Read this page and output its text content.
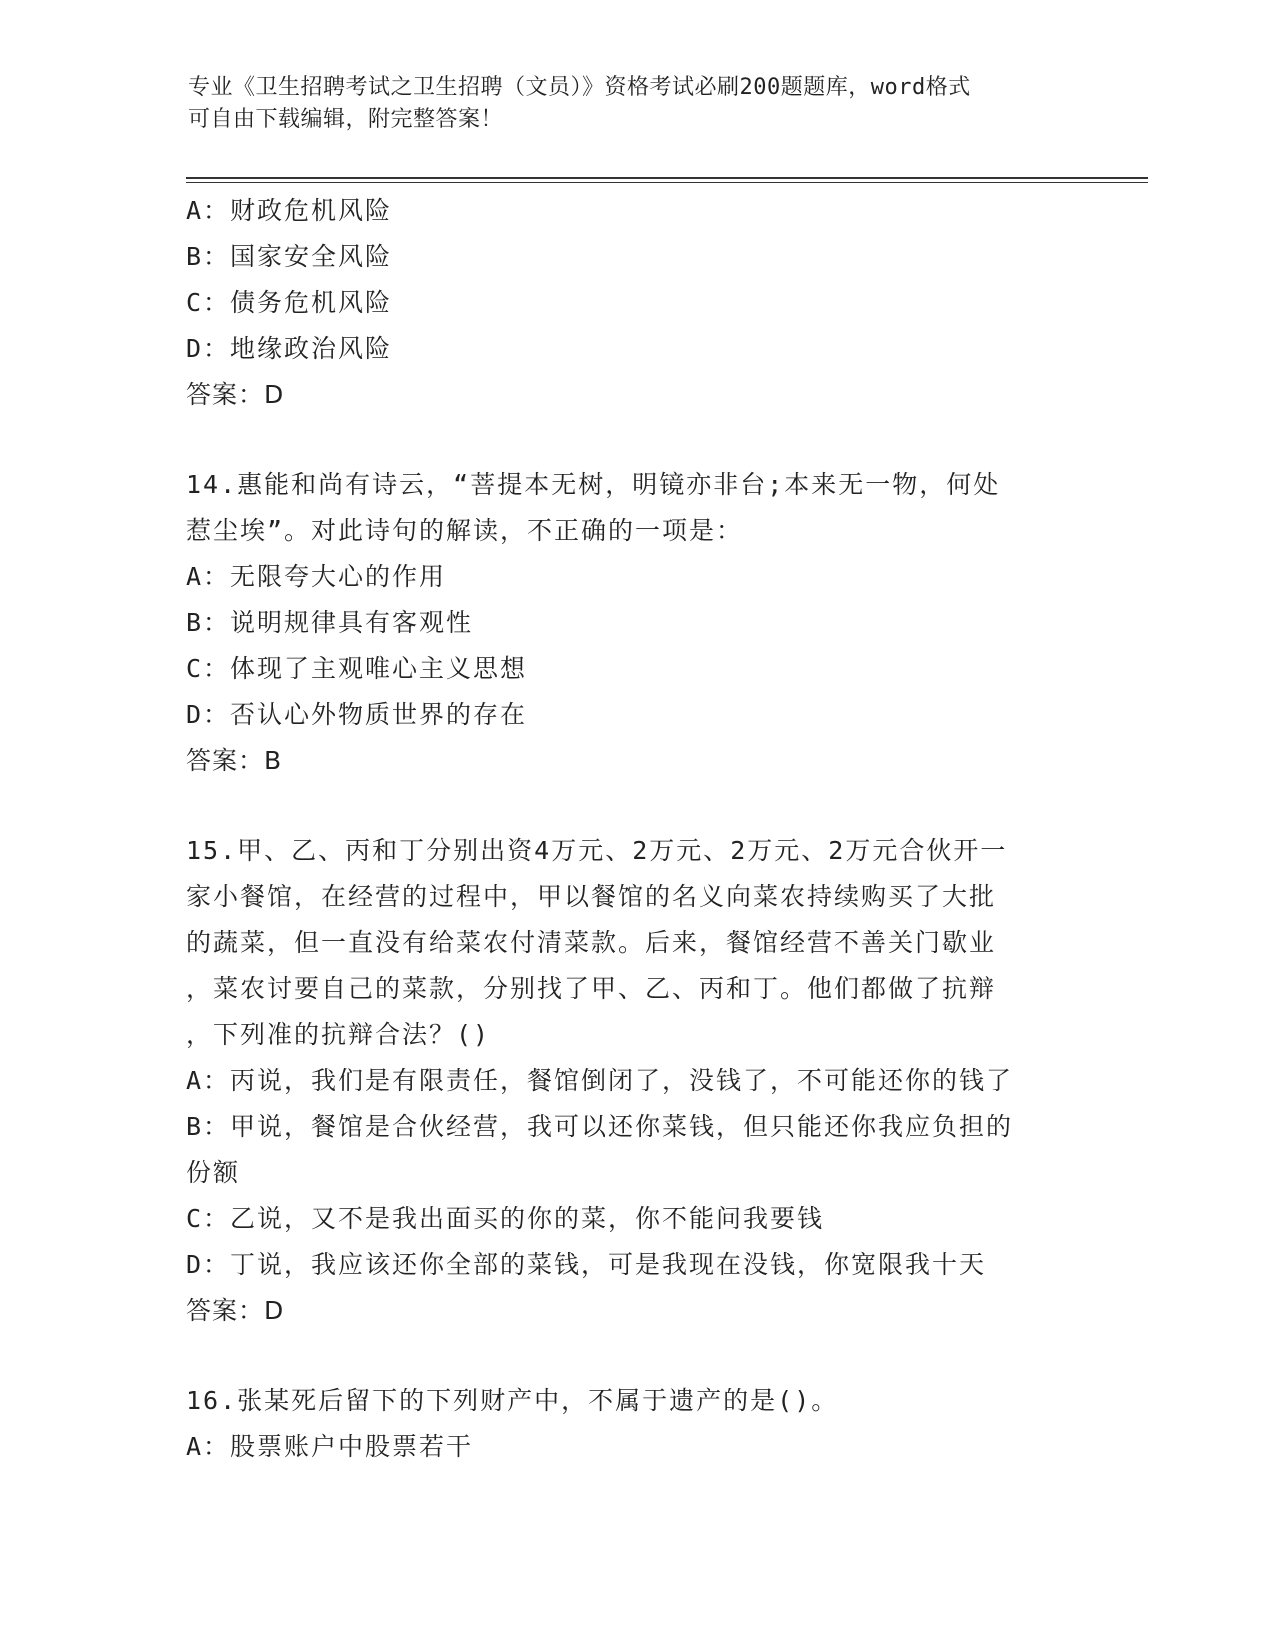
专业《卫生招聘考试之卫生招聘（文员）》资格考试必刷200题题库，word格式
可自由下载编辑，附完整答案！
A：财政危机风险
B：国家安全风险
C：债务危机风险
D：地缘政治风险
答案：D
14.惠能和尚有诗云，“菩提本无树，明镜亦非台;本来无一物，何处
惹尘埃”。对此诗句的解读，不正确的一项是：
A：无限夸大心的作用
B：说明规律具有客观性
C：体现了主观唯心主义思想
D：否认心外物质世界的存在
答案：B
15.甲、乙、丙和丁分别出资4万元、2万元、2万元、2万元合伙开一
家小餐馆，在经营的过程中，甲以餐馆的名义向菜农持续购买了大批
的蔬菜，但一直没有给菜农付清菜款。后来，餐馆经营不善关门歇业
，菜农讨要自己的菜款，分别找了甲、乙、丙和丁。他们都做了抗辩
，下列准的抗辩合法？()
A：丙说，我们是有限责任，餐馆倒闭了，没钱了，不可能还你的钱了
B：甲说，餐馆是合伙经营，我可以还你菜钱，但只能还你我应负担的
份额
C：乙说，又不是我出面买的你的菜，你不能问我要钱
D：丁说，我应该还你全部的菜钱，可是我现在没钱，你宽限我十天
答案：D
16.张某死后留下的下列财产中，不属于遗产的是()。
A：股票账户中股票若干
